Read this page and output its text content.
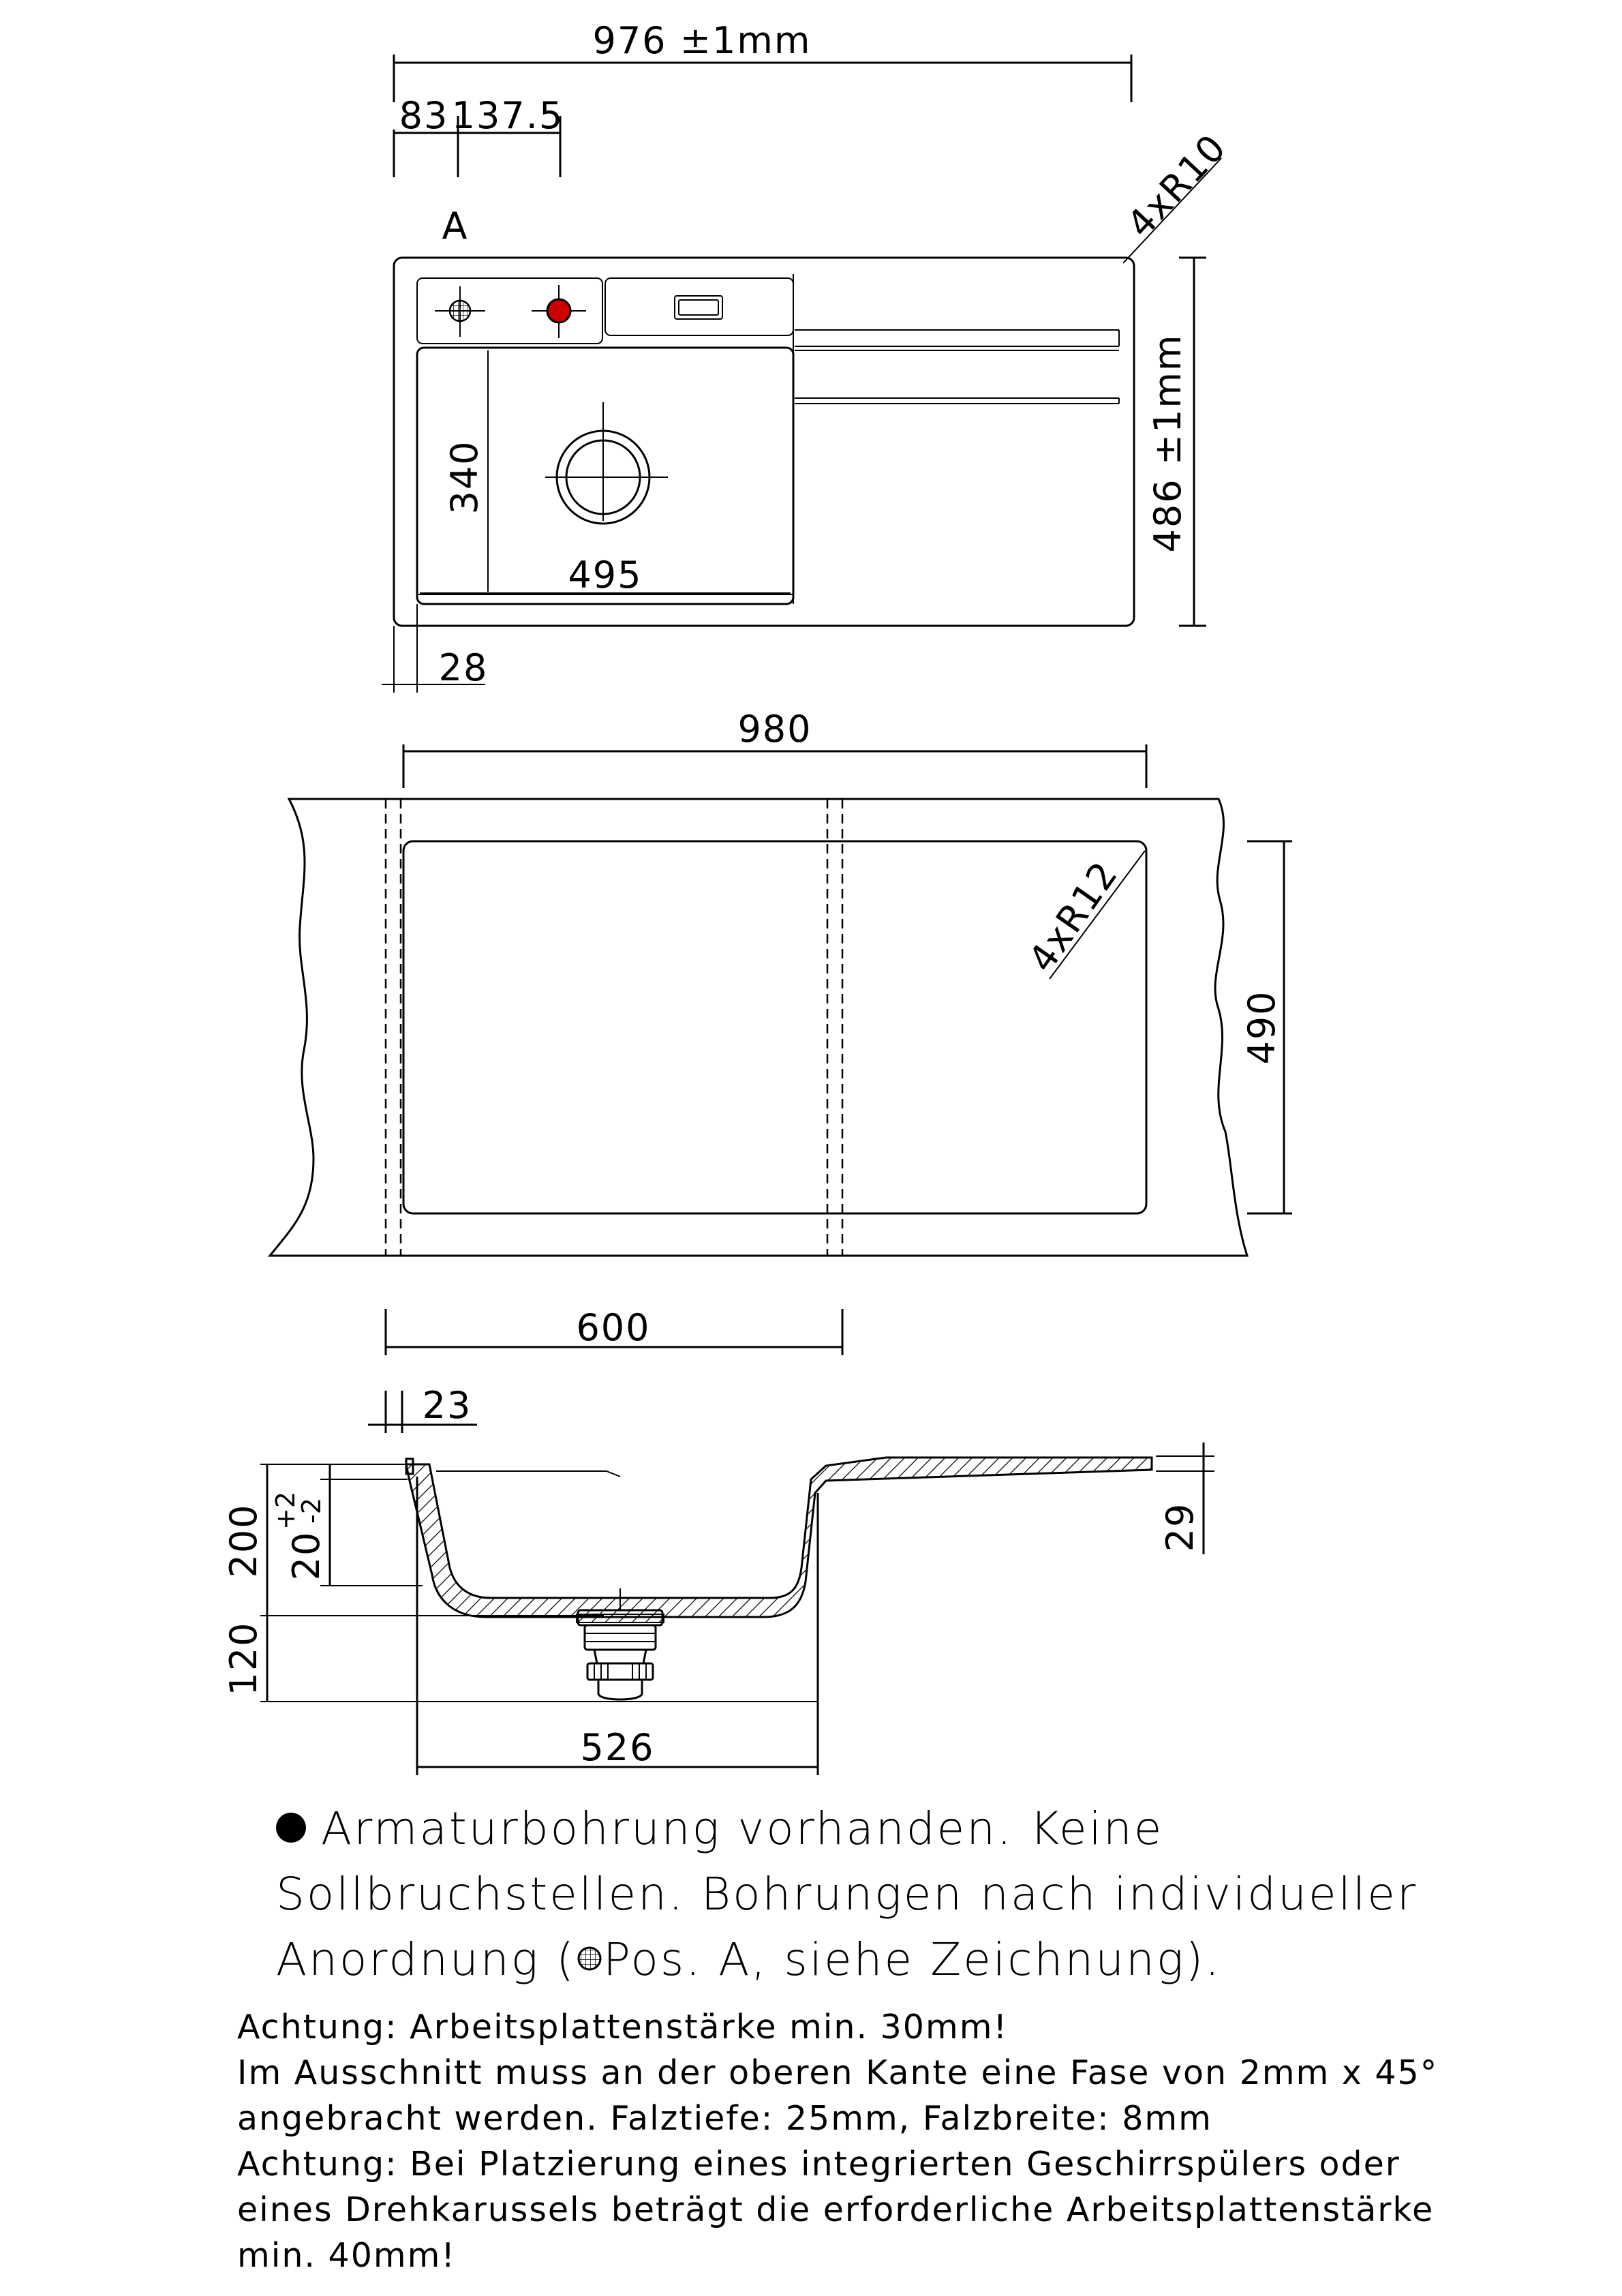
976 ±1mm
83 137.5
A
340
495
4xR10
486 ±1mm
28
980
4xR12
490
600
23
200
120
20
+2
-2	29
526
Armaturbohrung vorhanden. Keine
Sollbruchstellen. Bohrungen nach individueller
Anordnung ( Pos. A, siehe Zeichnung).
Achtung: Arbeitsplattenstärke min. 30mm!
Im Ausschnitt muss an der oberen Kante eine Fase von 2mm x 45°
angebracht werden. Falztiefe: 25mm, Falzbreite: 8mm
Achtung: Bei Platzierung eines integrierten Geschirrspülers oder
eines Drehkarussels beträgt die erforderliche Arbeitsplattenstärke
min. 40mm!
